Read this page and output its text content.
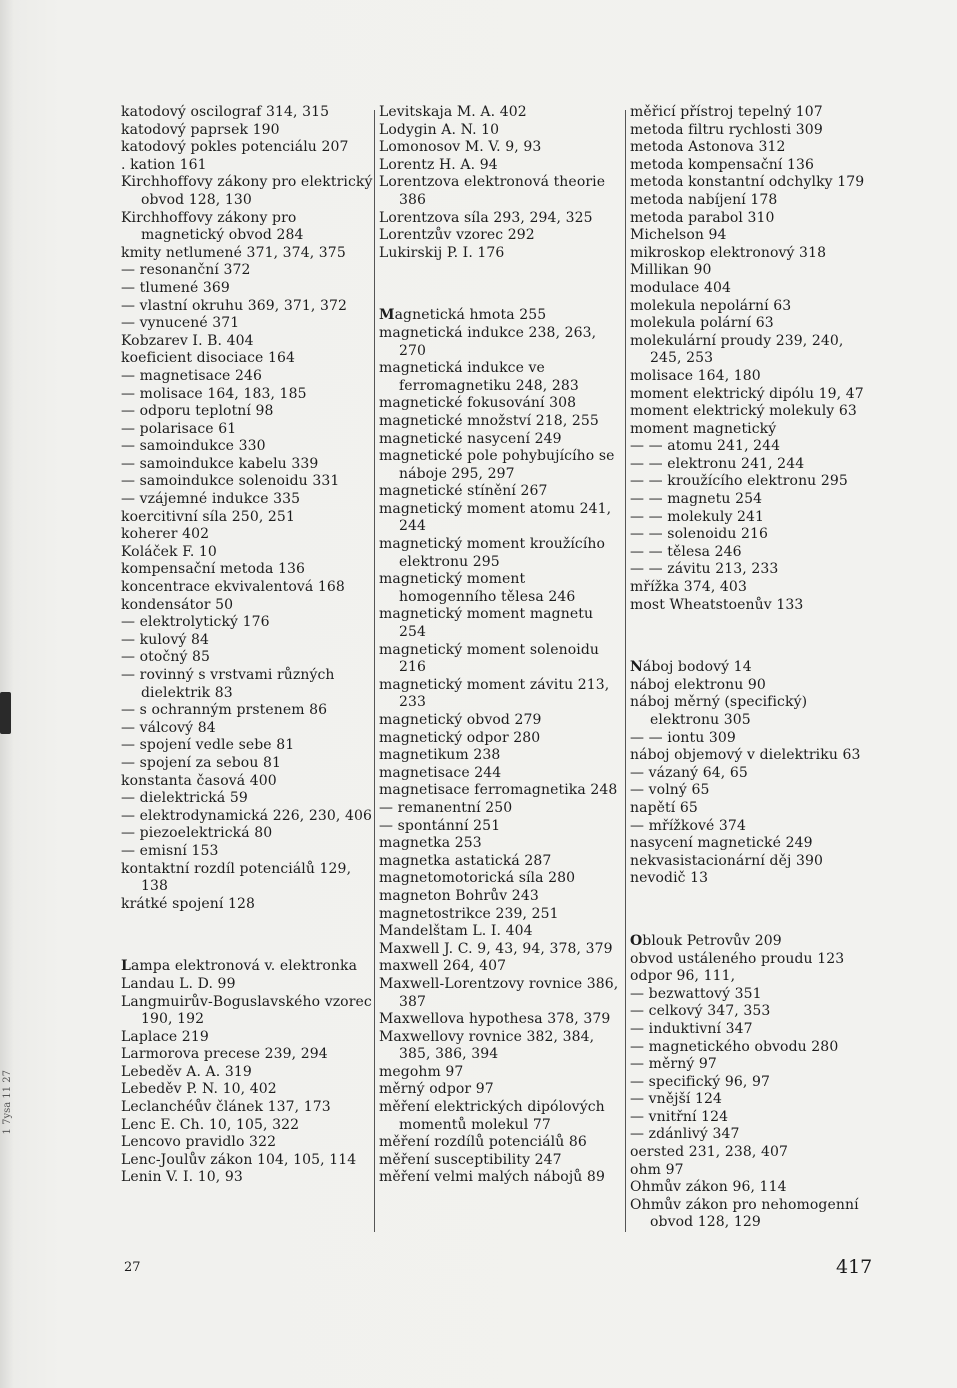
1 7ysa 11 27

katodový oscilograf 314, 315

katodový paprsek 190

katodový pokles potenciálu 207

. kation 161

Kirchhoffovy zákony pro elektrický obvod 128, 130

Kirchhoffovy zákony pro magnetický obvod 284

kmity netlumené 371, 374, 375

— resonanční 372

— tlumené 369

— vlastní okruhu 369, 371, 372

— vynucené 371

Kobzarev I. B. 404

koeficient disociace 164

— magnetisace 246

— molisace 164, 183, 185

— odporu teplotní 98

— polarisace 61

— samoindukce 330

— samoindukce kabelu 339

— samoindukce solenoidu 331

— vzájemné indukce 335

koercitivní síla 250, 251

koherer 402

Koláček F. 10

kompensační metoda 136

koncentrace ekvivalentová 168

kondensátor 50

— elektrolytický 176

— kulový 84

— otočný 85

— rovinný s vrstvami různých dielektrik 83

— s ochranným prstenem 86

— válcový 84

— spojení vedle sebe 81

— spojení za sebou 81

konstanta časová 400

— dielektrická 59

— elektrodynamická 226, 230, 406

— piezoelektrická 80

— emisní 153

kontaktní rozdíl potenciálů 129, 138

krátké spojení 128

Lampa elektronová v. elektronka

Landau L. D. 99

Langmuirův-Boguslavského vzorec 190, 192

Laplace 219

Larmorova precese 239, 294

Lebeděv A. A. 319

Lebeděv P. N. 10, 402

Leclanchéův článek 137, 173

Lenc E. Ch. 10, 105, 322

Lencovo pravidlo 322

Lenc-Joulův zákon 104, 105, 114

Lenin V. I. 10, 93

Levitskaja M. A. 402

Lodygin A. N. 10

Lomonosov M. V. 9, 93

Lorentz H. A. 94

Lorentzova elektronová theorie 386

Lorentzova síla 293, 294, 325

Lorentzův vzorec 292

Lukirskij P. I. 176

Magnetická hmota 255

magnetická indukce 238, 263, 270

magnetická indukce ve ferromagnetiku 248, 283

magnetické fokusování 308

magnetické množství 218, 255

magnetické nasycení 249

magnetické pole pohybujícího se náboje 295, 297

magnetické stínění 267

magnetický moment atomu 241, 244

magnetický moment kroužícího elektronu 295

magnetický moment homogenního tělesa 246

magnetický moment magnetu 254

magnetický moment solenoidu 216

magnetický moment závitu 213, 233

magnetický obvod 279

magnetický odpor 280

magnetikum 238

magnetisace 244

magnetisace ferromagnetika 248

— remanentní 250

— spontánní 251

magnetka 253

magnetka astatická 287

magnetomotorická síla 280

magneton Bohrův 243

magnetostrikce 239, 251

Mandelštam L. I. 404

Maxwell J. C. 9, 43, 94, 378, 379

maxwell 264, 407

Maxwell-Lorentzovy rovnice 386, 387

Maxwellova hypothesa 378, 379

Maxwellovy rovnice 382, 384, 385, 386, 394

megohm 97

měrný odpor 97

měření elektrických dipólových momentů molekul 77

měření rozdílů potenciálů 86

měření susceptibility 247

měření velmi malých nábojů 89

měřicí přístroj tepelný 107

metoda filtru rychlosti 309

metoda Astonova 312

metoda kompensační 136

metoda konstantní odchylky 179

metoda nabíjení 178

metoda parabol 310

Michelson 94

mikroskop elektronový 318

Millikan 90

modulace 404

molekula nepolární 63

molekula polární 63

molekulární proudy 239, 240, 245, 253

molisace 164, 180

moment elektrický dipólu 19, 47

moment elektrický molekuly 63

moment magnetický

— — atomu 241, 244

— — elektronu 241, 244

— — kroužícího elektronu 295

— — magnetu 254

— — molekuly 241

— — solenoidu 216

— — tělesa 246

— — závitu 213, 233

mřížka 374, 403

most Wheatstoenův 133

Náboj bodový 14

náboj elektronu 90

náboj měrný (specifický) elektronu 305

— — iontu 309

náboj objemový v dielektriku 63

— vázaný 64, 65

— volný 65

napětí 65

— mřížkové 374

nasycení magnetické 249

nekvasistacionární děj 390

nevodič 13

Oblouk Petrovův 209

obvod ustáleného proudu 123

odpor 96, 111,

— bezwattový 351

— celkový 347, 353

— induktivní 347

— magnetického obvodu 280

— měrný 97

— specifický 96, 97

— vnější 124

— vnitřní 124

— zdánlivý 347

oersted 231, 238, 407

ohm 97

Ohmův zákon 96, 114

Ohmův zákon pro nehomogenní obvod 128, 129

27	417
